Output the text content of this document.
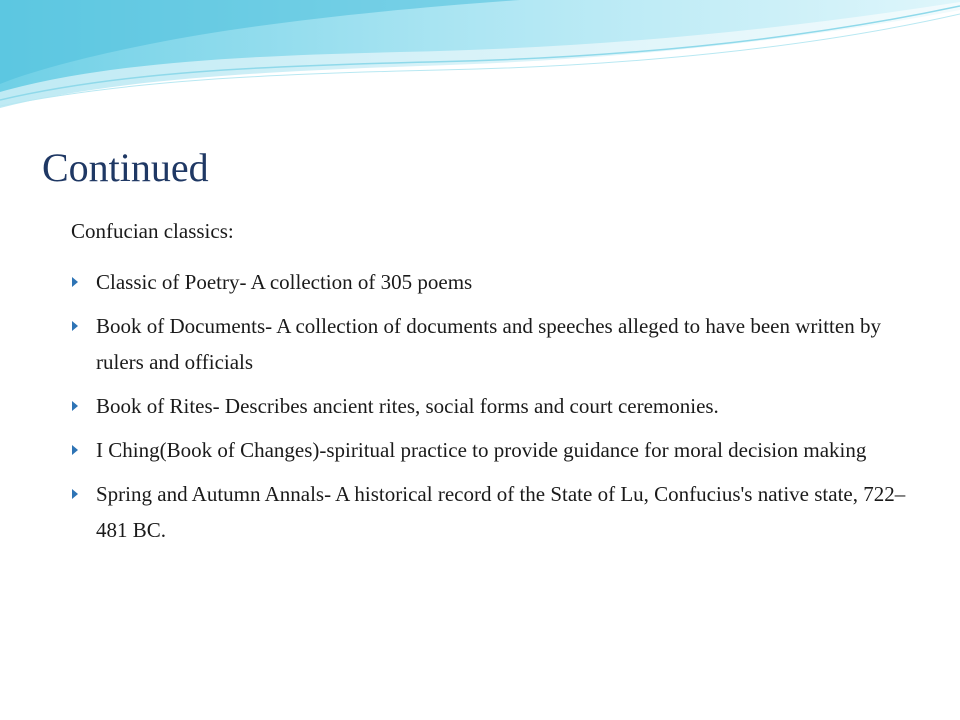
Continued

Confucian classics:

Classic of Poetry- A collection of 305 poems
Book of Documents- A collection of documents and speeches alleged to have been written by rulers and officials
Book of Rites- Describes ancient rites, social forms and court ceremonies.
I Ching(Book of Changes)-spiritual practice to provide guidance for moral decision making
Spring and Autumn Annals- A historical record of the State of Lu, Confucius's native state, 722–481 BC.
